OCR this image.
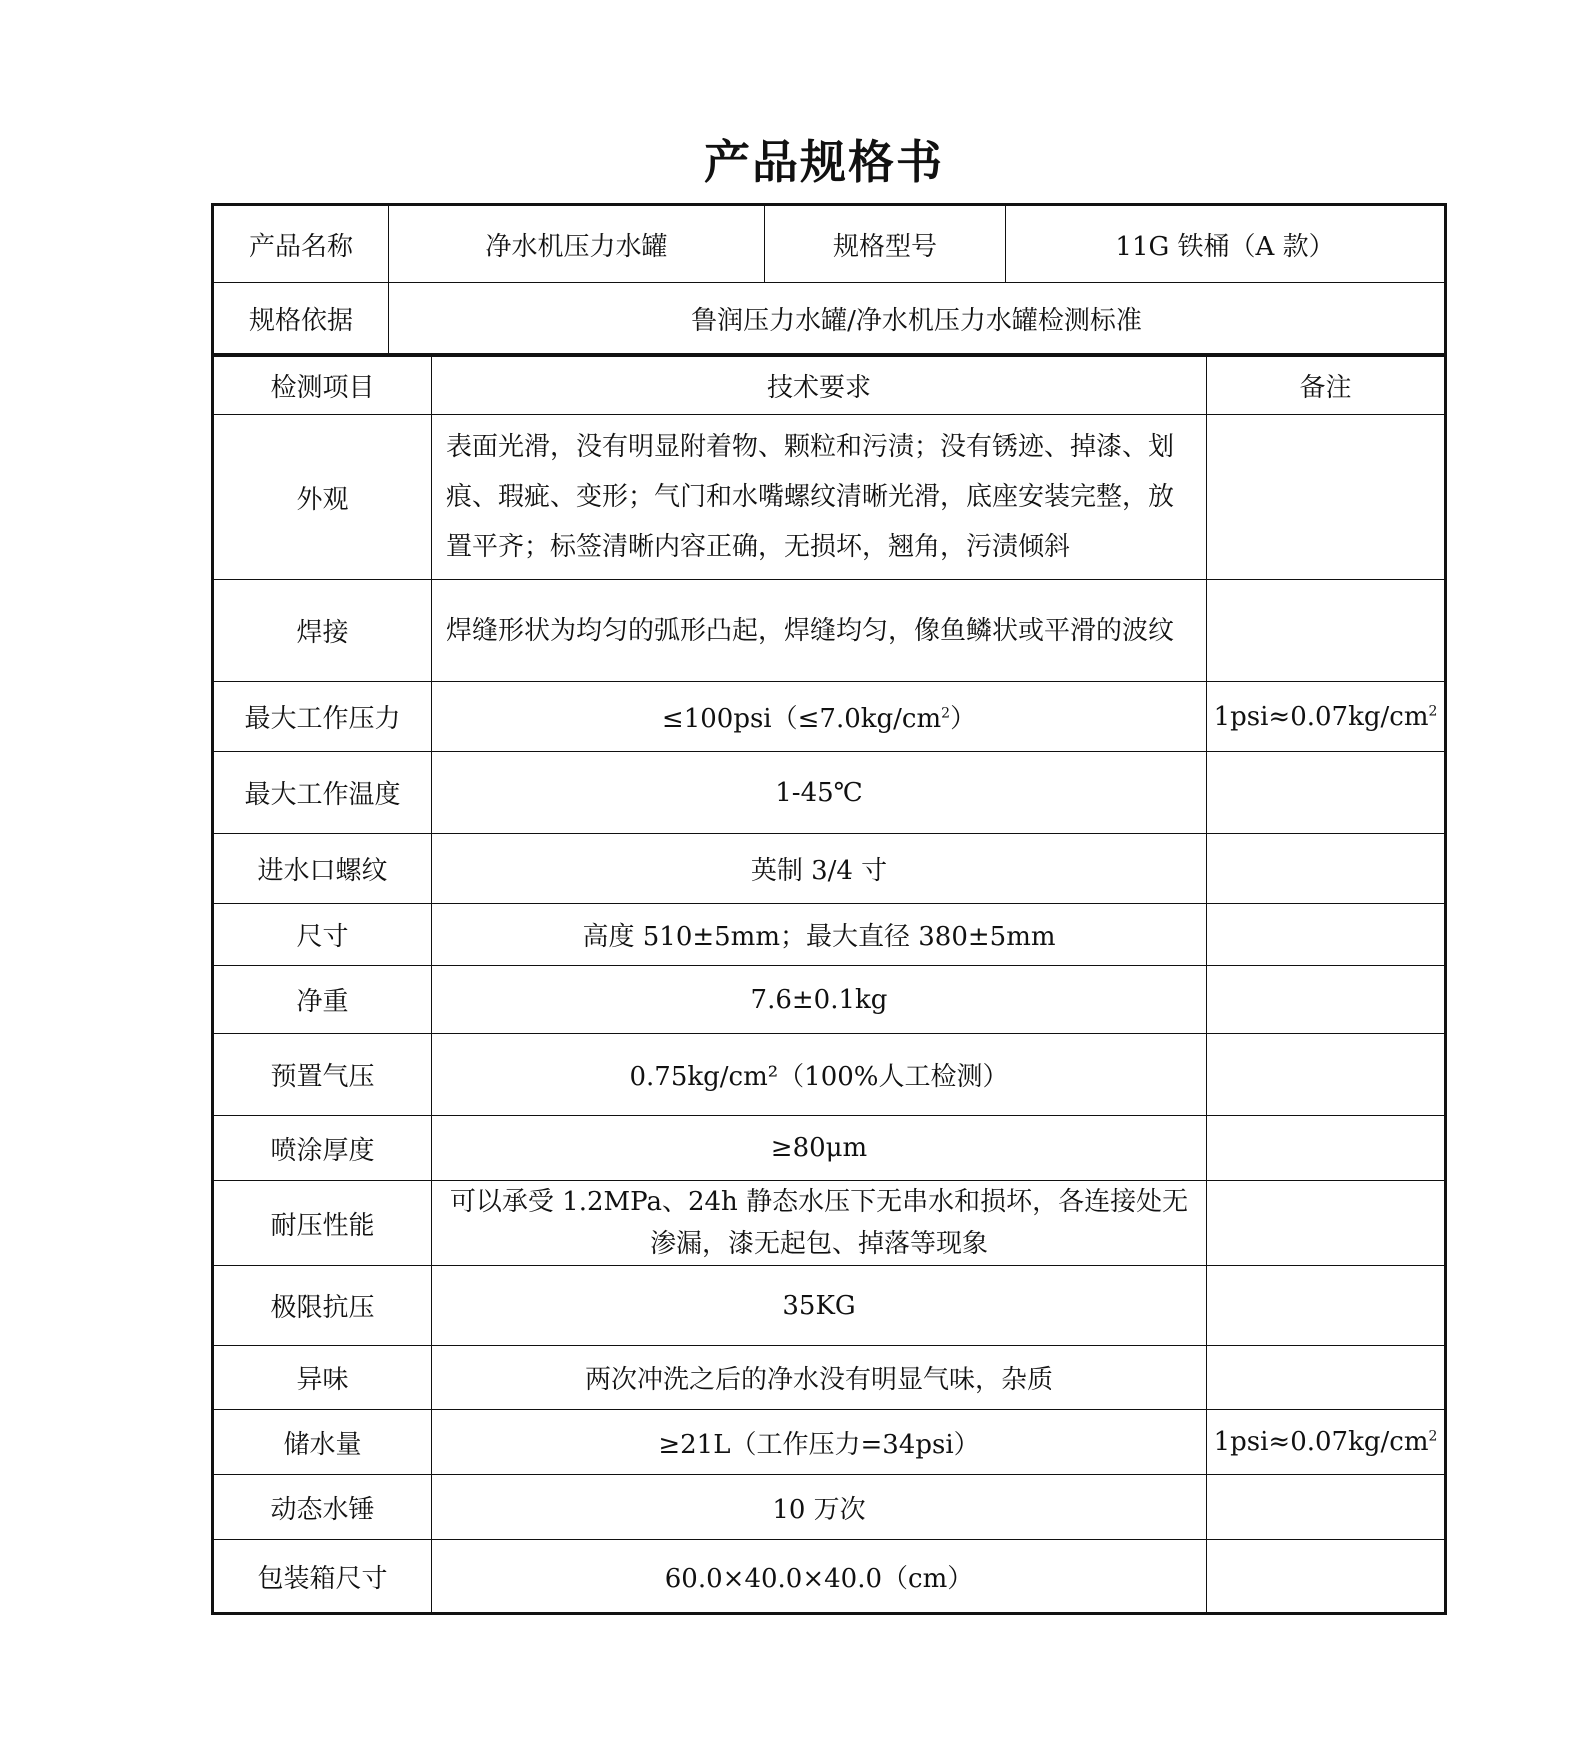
产品规格书
产品名称	净水机压力水罐	规格型号	11G 铁桶（A 款）
规格依据	鲁润压力水罐/净水机压力水罐检测标准		
检测项目	技术要求	备注
外观	表面光滑，没有明显附着物、颗粒和污渍；没有锈迹、掉漆、划痕、瑕疵、变形；气门和水嘴螺纹清晰光滑，底座安装完整，放置平齐；标签清晰内容正确，无损坏，翘角，污渍倾斜	
焊接	焊缝形状为均匀的弧形凸起，焊缝均匀，像鱼鳞状或平滑的波纹	
最大工作压力	$\le 100psi(\le 7.0kg/cm^2)$	$1psi\approx 0.07kg/cm^2$
最大工作温度	1-45℃	
进水口螺纹	英制 3/4 寸	
尺寸	高度 510±5mm；最大直径 380±5mm	
净重	7.6±0.1kg	
预置气压	0.75kg/cm²（100%人工检测）	
喷涂厚度	≥80μm	
耐压性能	可以承受 1.2MPa、24h 静态水压下无串水和损坏，各连接处无渗漏，漆无起包、掉落等现象	
极限抗压	35KG	
异味	两次冲洗之后的净水没有明显气味，杂质	
储水量	≥21L（工作压力=34psi）	$1psi\approx 0.07kg/cm^2$
动态水锤	10 万次	
包装箱尺寸	60.0×40.0×40.0（cm）	
